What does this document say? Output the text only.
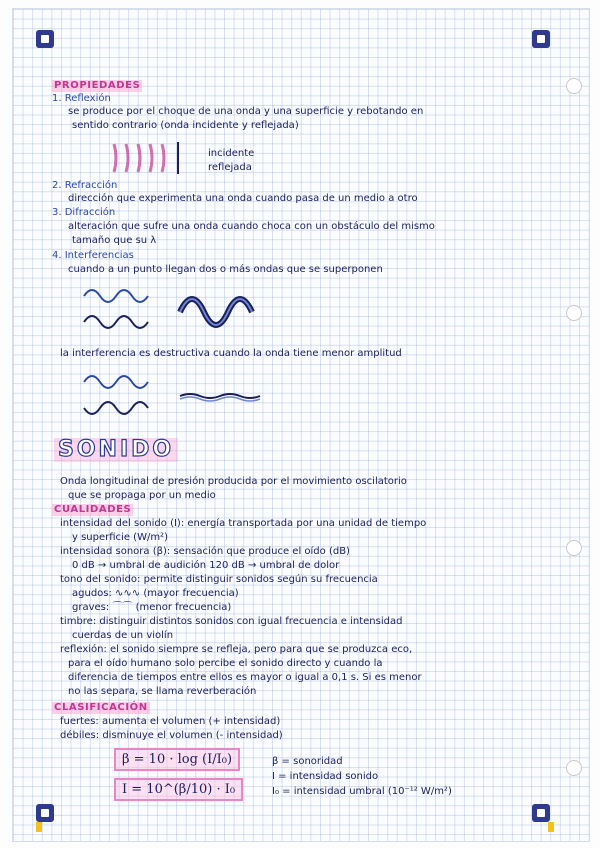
PROPIEDADES
1. Reflexión
se produce por el choque de una onda y una superficie y rebotando en
sentido contrario (onda incidente y reflejada)
incidente
reflejada
2. Refracción
dirección que experimenta una onda cuando pasa de un medio a otro
3. Difracción
alteración que sufre una onda cuando choca con un obstáculo del mismo
tamaño que su λ
4. Interferencias
cuando a un punto llegan dos o más ondas que se superponen
la interferencia es destructiva cuando la onda tiene menor amplitud
SONIDO
Onda longitudinal de presión producida por el movimiento oscilatorio
que se propaga por un medio
CUALIDADES
intensidad del sonido (I): energía transportada por una unidad de tiempo
y superficie (W/m²)
intensidad sonora (β): sensación que produce el oído (dB)
0 dB → umbral de audición 120 dB → umbral de dolor
tono del sonido: permite distinguir sonidos según su frecuencia
agudos: ∿∿∿ (mayor frecuencia)
graves: ⌒⌒ (menor frecuencia)
timbre: distinguir distintos sonidos con igual frecuencia e intensidad
cuerdas de un violín
reflexión: el sonido siempre se refleja, pero para que se produzca eco,
para el oído humano solo percibe el sonido directo y cuando la
diferencia de tiempos entre ellos es mayor o igual a 0,1 s. Si es menor
no las separa, se llama reverberación
CLASIFICACIÓN
fuertes: aumenta el volumen (+ intensidad)
débiles: disminuye el volumen (- intensidad)
β = 10 · log (I/I₀)
I = 10^(β/10) · I₀
β = sonoridad
I = intensidad sonido
I₀ = intensidad umbral (10⁻¹² W/m²)
